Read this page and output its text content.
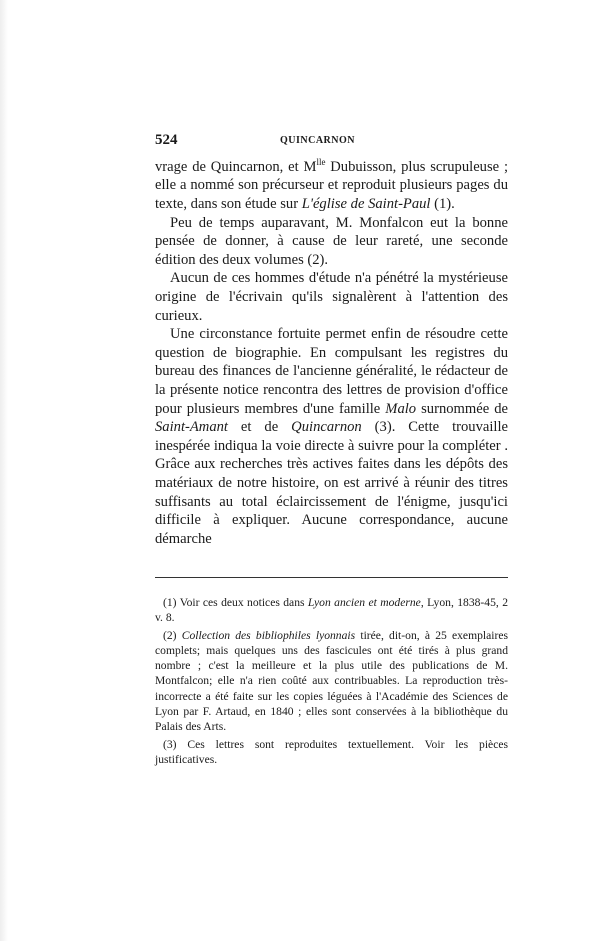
524	QUINCARNON

vrage de Quincarnon, et $M^{lle}$ Dubuisson, plus scrupuleuse ; elle a nommé son précurseur et reproduit plusieurs pages du texte, dans son étude sur L'église de Saint-Paul (1).

Peu de temps auparavant, M. Monfalcon eut la bonne pensée de donner, à cause de leur rareté, une seconde édition des deux volumes (2).

Aucun de ces hommes d'étude n'a pénétré la mystérieuse origine de l'écrivain qu'ils signalèrent à l'attention des curieux.

Une circonstance fortuite permet enfin de résoudre cette question de biographie. En compulsant les registres du bureau des finances de l'ancienne généralité, le rédacteur de la présente notice rencontra des lettres de provision d'office pour plusieurs membres d'une famille Malo surnommée de Saint-Amant et de Quincarnon (3). Cette trouvaille inespérée indiqua la voie directe à suivre pour la compléter . Grâce aux recherches très actives faites dans les dépôts des matériaux de notre histoire, on est arrivé à réunir des titres suffisants au total éclaircissement de l'énigme, jusqu'ici difficile à expliquer. Aucune correspondance, aucune démarche

(1) Voir ces deux notices dans Lyon ancien et moderne, Lyon, 1838-45, 2 v. 8.

(2) Collection des bibliophiles lyonnais tirée, dit-on, à 25 exemplaires complets; mais quelques uns des fascicules ont été tirés à plus grand nombre ; c'est la meilleure et la plus utile des publications de M. Montfalcon; elle n'a rien coûté aux contribuables. La reproduction très-incorrecte a été faite sur les copies léguées à l'Académie des Sciences de Lyon par F. Artaud, en 1840 ; elles sont conservées à la bibliothèque du Palais des Arts.

(3) Ces lettres sont reproduites textuellement. Voir les pièces justificatives.
